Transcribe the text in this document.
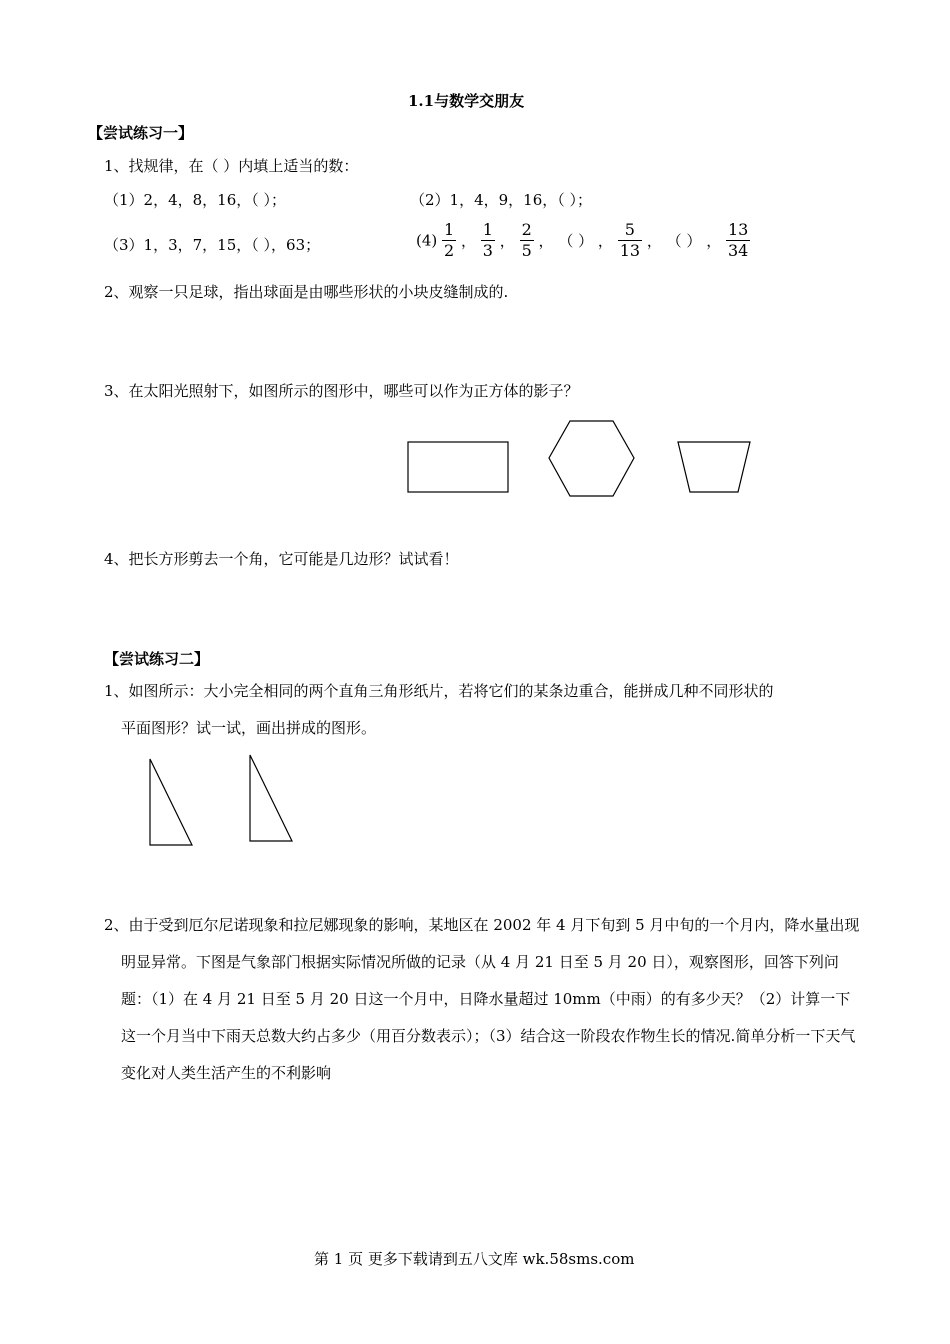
1.1与数学交朋友
【尝试练习一】
1、找规律，在（ ）内填上适当的数：
（1）2，4，8，16，（ ）；	（2）1，4，9，16，（ ）；
（3）1，3，7，15，（ ），63；	$(4) \frac{1}{2}$ ， $\frac{1}{3}$ ， $\frac{2}{5}$ ， （ ） ， $\frac{5}{13}$ ， （ ） ， $\frac{13}{34}$
2、观察一只足球，指出球面是由哪些形状的小块皮缝制成的.
3、在太阳光照射下，如图所示的图形中，哪些可以作为正方体的影子？
4、把长方形剪去一个角，它可能是几边形？试试看！
【尝试练习二】
1、如图所示：大小完全相同的两个直角三角形纸片，若将它们的某条边重合，能拼成几种不同形状的
平面图形？试一试，画出拼成的图形。
2、由于受到厄尔尼诺现象和拉尼娜现象的影响，某地区在 2002 年 4 月下旬到 5 月中旬的一个月内，降水量出现明显异常。下图是气象部门根据实际情况所做的记录（从 4 月 21 日至 5 月 20 日），观察图形，回答下列问题：（1）在 4 月 21 日至 5 月 20 日这一个月中，日降水量超过 10mm（中雨）的有多少天？（2）计算一下这一个月当中下雨天总数大约占多少（用百分数表示）；（3）结合这一阶段农作物生长的情况.简单分析一下天气变化对人类生活产生的不利影响
第 1 页 更多下载请到五八文库 wk.58sms.com
